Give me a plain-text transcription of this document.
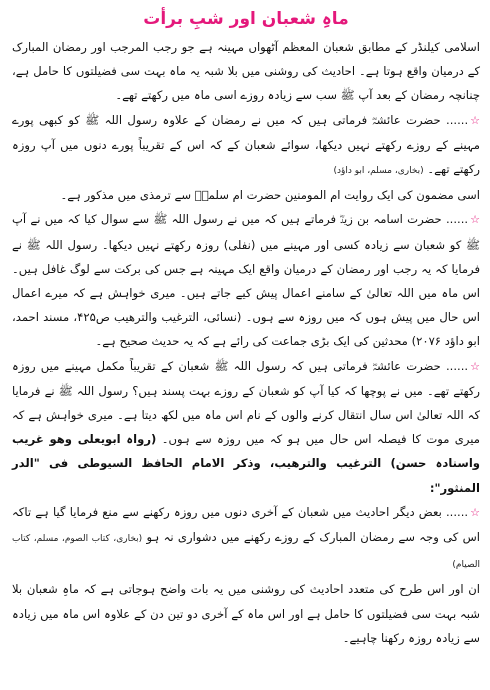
ماہِ شعبان اور شبِ برأت

اسلامی کیلنڈر کے مطابق شعبان المعظم آٹھواں مہینہ ہے جو رجب المرجب اور رمضان المبارک کے درمیان واقع ہوتا ہے۔ احادیث کی روشنی میں بلا شبہ یہ ماہ بہت سی فضیلتوں کا حامل ہے، چنانچہ رمضان کے بعد آپ ﷺ سب سے زیادہ روزے اسی ماہ میں رکھتے تھے۔

☆...... حضرت عائشہؓ فرماتی ہیں کہ میں نے رمضان کے علاوہ رسول اللہ ﷺ کو کبھی پورے مہینے کے روزے رکھتے نہیں دیکھا، سوائے شعبان کے کہ اس کے تقریباً پورے دنوں میں آپ روزہ رکھتے تھے۔ (بخاری، مسلم، ابو داؤد)

اسی مضمون کی ایک روایت ام المومنین حضرت ام سلمہؓ سے ترمذی میں مذکور ہے۔

☆...... حضرت اسامہ بن زیدؓ فرماتے ہیں کہ میں نے رسول اللہ ﷺ سے سوال کیا کہ میں نے آپ ﷺ کو شعبان سے زیادہ کسی اور مہینے میں (نفلی) روزہ رکھتے نہیں دیکھا۔ رسول اللہ ﷺ نے فرمایا کہ یہ رجب اور رمضان کے درمیان واقع ایک مہینہ ہے جس کی برکت سے لوگ غافل ہیں۔ اس ماہ میں اللہ تعالیٰ کے سامنے اعمال پیش کیے جاتے ہیں۔ میری خواہش ہے کہ میرے اعمال اس حال میں پیش ہوں کہ میں روزہ سے ہوں۔ (نسائی، الترغیب والترھیب ص۴۲۵، مسند احمد، ابو داؤد ۲۰۷۶) محدثین کی ایک بڑی جماعت کی رائے ہے کہ یہ حدیث صحیح ہے۔

☆...... حضرت عائشہؓ فرماتی ہیں کہ رسول اللہ ﷺ شعبان کے تقریباً مکمل مہینے میں روزہ رکھتے تھے۔ میں نے پوچھا کہ کیا آپ کو شعبان کے روزے بہت پسند ہیں؟ رسول اللہ ﷺ نے فرمایا کہ اللہ تعالیٰ اس سال انتقال کرنے والوں کے نام اس ماہ میں لکھ دیتا ہے۔ میری خواہش ہے کہ میری موت کا فیصلہ اس حال میں ہو کہ میں روزہ سے ہوں۔ (رواہ ابویعلی وھو غریب واسنادہ حسن) الترغیب والترھیب، وذکر الامام الحافظ السیوطی فی "الدر المنثور":

☆...... بعض دیگر احادیث میں شعبان کے آخری دنوں میں روزہ رکھنے سے منع فرمایا گیا ہے تاکہ اس کی وجہ سے رمضان المبارک کے روزے رکھنے میں دشواری نہ ہو (بخاری، کتاب الصوم، مسلم، کتاب الصیام)

ان اور اس طرح کی متعدد احادیث کی روشنی میں یہ بات واضح ہوجاتی ہے کہ ماہِ شعبان بلا شبہ بہت سی فضیلتوں کا حامل ہے اور اس ماہ کے آخری دو تین دن کے علاوہ اس ماہ میں زیادہ سے زیادہ روزہ رکھنا چاہیے۔
